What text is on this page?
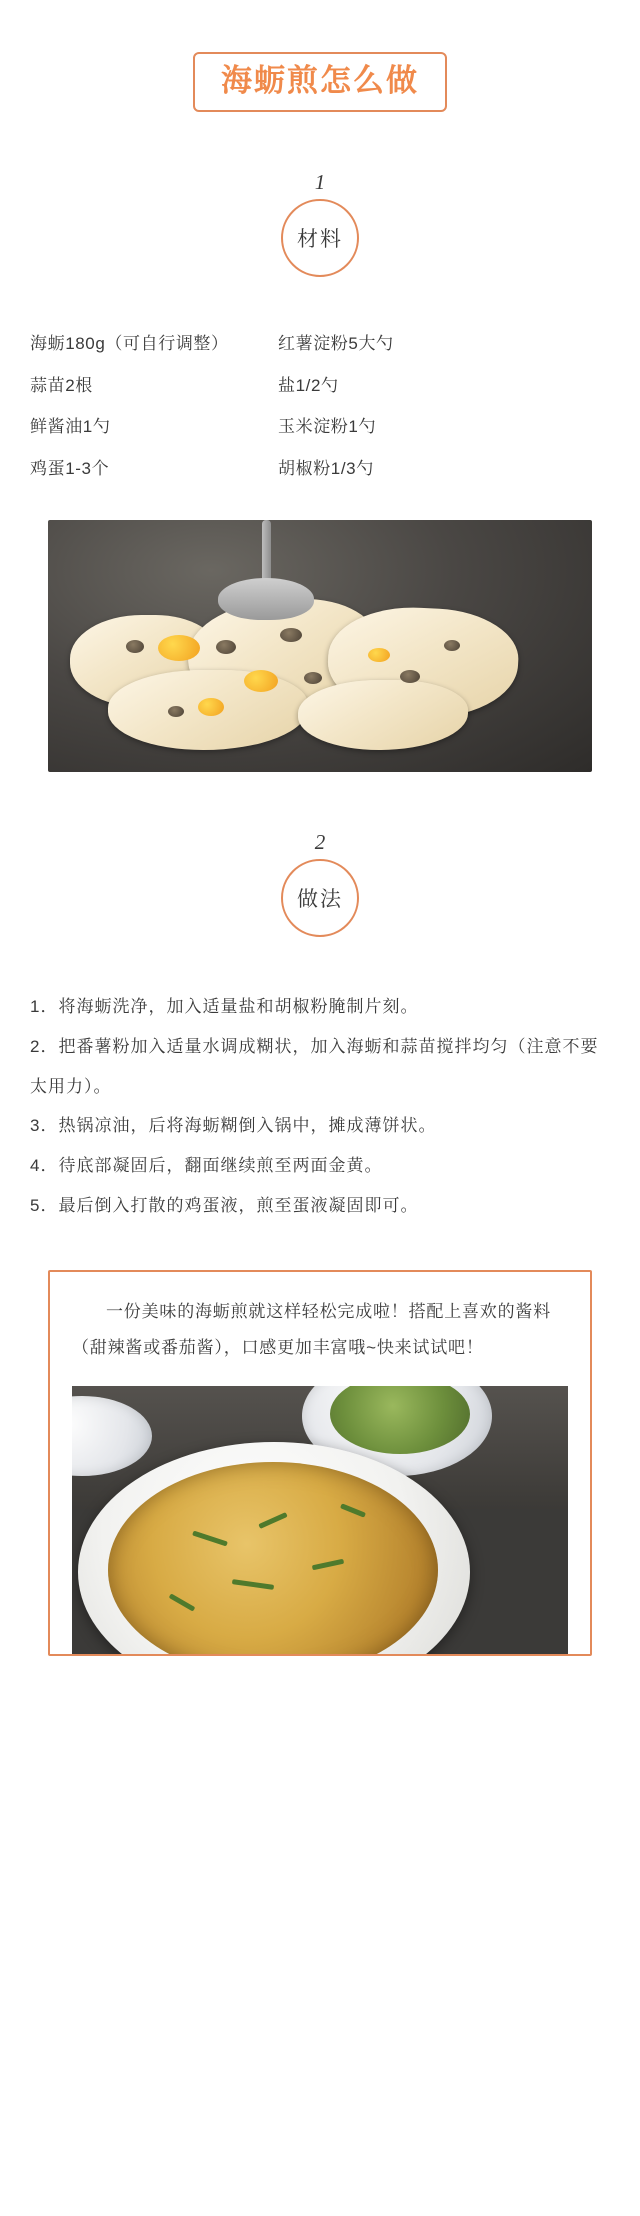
海蛎煎怎么做
1
材料
海蛎180g（可自行调整）	红薯淀粉5大勺
蒜苗2根	盐1/2勺
鲜酱油1勺	玉米淀粉1勺
鸡蛋1-3个	胡椒粉1/3勺
2
做法
1．将海蛎洗净，加入适量盐和胡椒粉腌制片刻。
2．把番薯粉加入适量水调成糊状，加入海蛎和蒜苗搅拌均匀（注意不要太用力）。
3．热锅凉油，后将海蛎糊倒入锅中，摊成薄饼状。
4．待底部凝固后，翻面继续煎至两面金黄。
5．最后倒入打散的鸡蛋液，煎至蛋液凝固即可。
一份美味的海蛎煎就这样轻松完成啦！搭配上喜欢的酱料（甜辣酱或番茄酱），口感更加丰富哦~快来试试吧！
